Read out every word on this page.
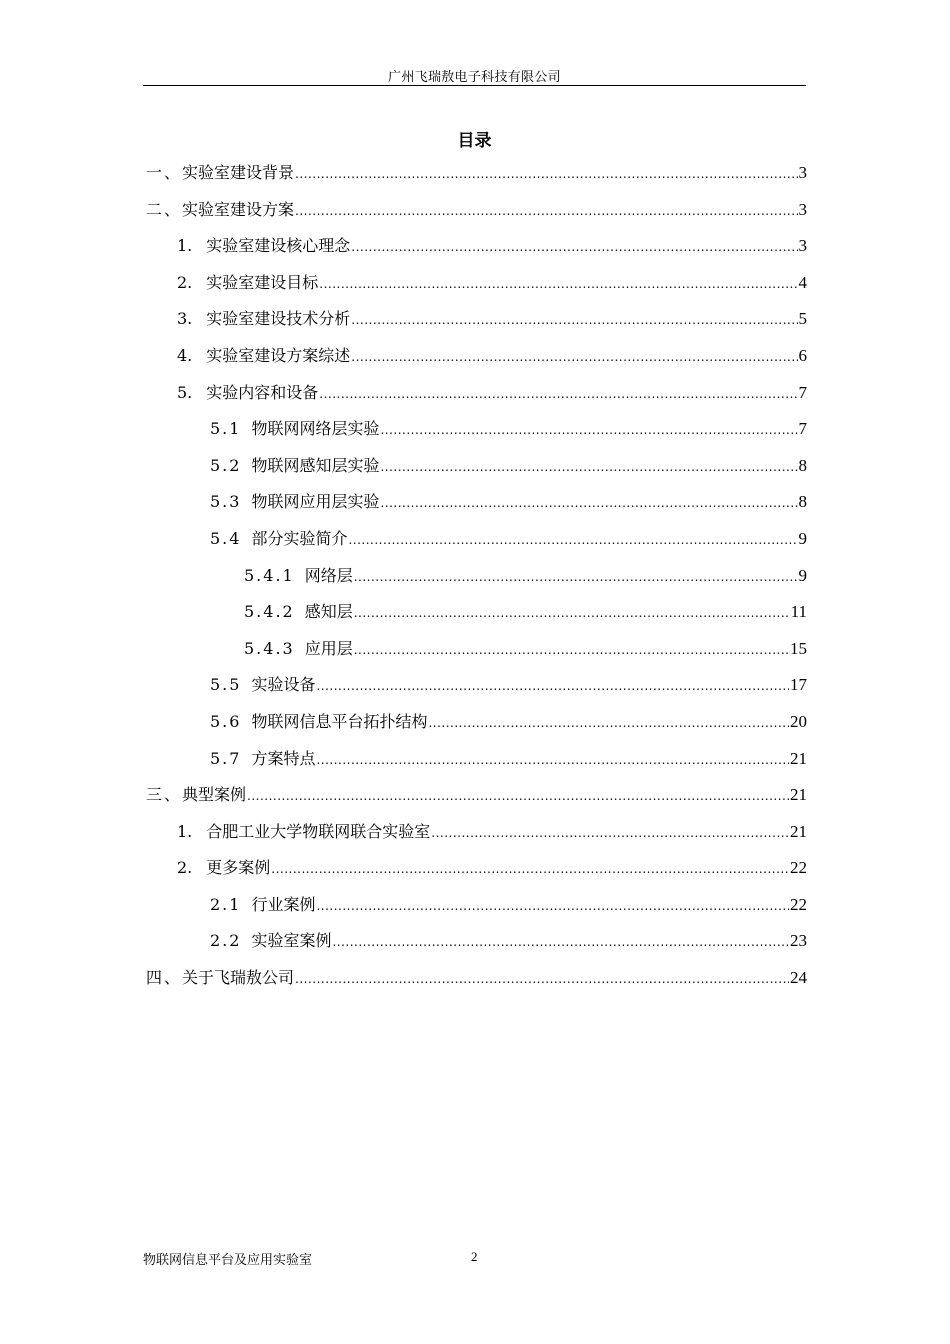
广州飞瑞敖电子科技有限公司
目录
一、 实验室建设背景 .....	3
二、 实验室建设方案 .....	3
1. 实验室建设核心理念 .....	3
2. 实验室建设目标 .....	4
3. 实验室建设技术分析 .....	5
4. 实验室建设方案综述 .....	6
5. 实验内容和设备 .....	7
5.1 物联网网络层实验 .....	7
5.2 物联网感知层实验 .....	8
5.3 物联网应用层实验 .....	8
5.4 部分实验简介 .....	9
5.4.1 网络层 .....	9
5.4.2 感知层 .....	11
5.4.3 应用层 .....	15
5.5 实验设备 .....	17
5.6 物联网信息平台拓扑结构 .....	20
5.7 方案特点 .....	21
三、 典型案例 .....	21
1. 合肥工业大学物联网联合实验室 .....	21
2. 更多案例 .....	22
2.1 行业案例 .....	22
2.2 实验室案例 .....	23
四、 关于飞瑞敖公司 .....	24
物联网信息平台及应用实验室	2
